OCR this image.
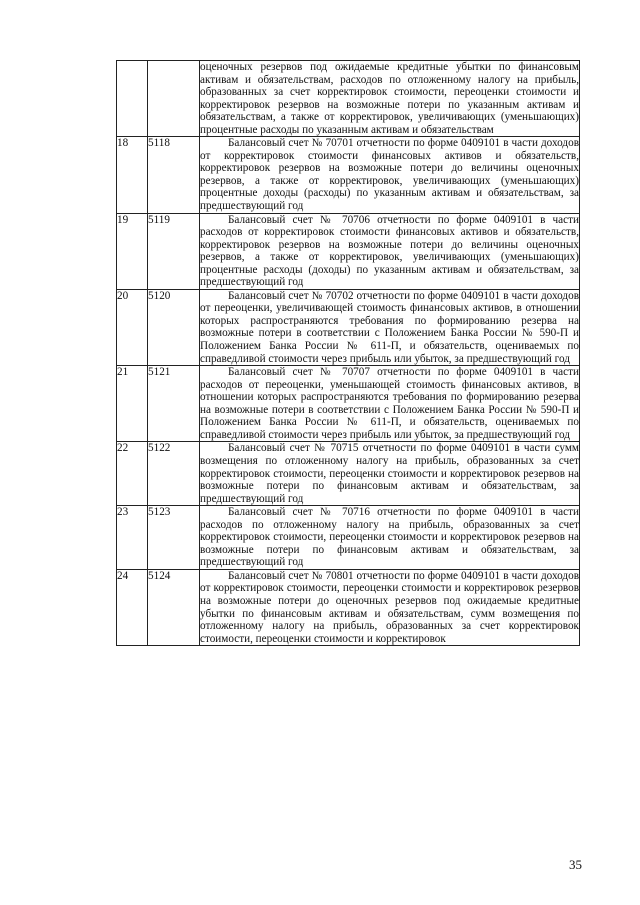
		оценочных резервов под ожидаемые кредитные убытки по финансовым активам и обязательствам, расходов по отложенному налогу на прибыль, образованных за счет корректировок стоимости, переоценки стоимости и корректировок резервов на возможные потери по указанным активам и обязательствам, а также от корректировок, увеличивающих (уменьшающих) процентные расходы по указанным активам и обязательствам
18	5118	Балансовый счет № 70701 отчетности по форме 0409101 в части доходов от корректировок стоимости финансовых активов и обязательств, корректировок резервов на возможные потери до величины оценочных резервов, а также от корректировок, увеличивающих (уменьшающих) процентные доходы (расходы) по указанным активам и обязательствам, за предшествующий год
19	5119	Балансовый счет № 70706 отчетности по форме 0409101 в части расходов от корректировок стоимости финансовых активов и обязательств, корректировок резервов на возможные потери до величины оценочных резервов, а также от корректировок, увеличивающих (уменьшающих) процентные расходы (доходы) по указанным активам и обязательствам, за предшествующий год
20	5120	Балансовый счет № 70702 отчетности по форме 0409101 в части доходов от переоценки, увеличивающей стоимость финансовых активов, в отношении которых распространяются требования по формированию резерва на возможные потери в соответствии с Положением Банка России № 590-П и Положением Банка России № 611-П, и обязательств, оцениваемых по справедливой стоимости через прибыль или убыток, за предшествующий год
21	5121	Балансовый счет № 70707 отчетности по форме 0409101 в части расходов от переоценки, уменьшающей стоимость финансовых активов, в отношении которых распространяются требования по формированию резерва на возможные потери в соответствии с Положением Банка России № 590-П и Положением Банка России № 611-П, и обязательств, оцениваемых по справедливой стоимости через прибыль или убыток, за предшествующий год
22	5122	Балансовый счет № 70715 отчетности по форме 0409101 в части сумм возмещения по отложенному налогу на прибыль, образованных за счет корректировок стоимости, переоценки стоимости и корректировок резервов на возможные потери по финансовым активам и обязательствам, за предшествующий год
23	5123	Балансовый счет № 70716 отчетности по форме 0409101 в части расходов по отложенному налогу на прибыль, образованных за счет корректировок стоимости, переоценки стоимости и корректировок резервов на возможные потери по финансовым активам и обязательствам, за предшествующий год
24	5124	Балансовый счет № 70801 отчетности по форме 0409101 в части доходов от корректировок стоимости, переоценки стоимости и корректировок резервов на возможные потери до оценочных резервов под ожидаемые кредитные убытки по финансовым активам и обязательствам, сумм возмещения по отложенному налогу на прибыль, образованных за счет корректировок стоимости, переоценки стоимости и корректировок
35
